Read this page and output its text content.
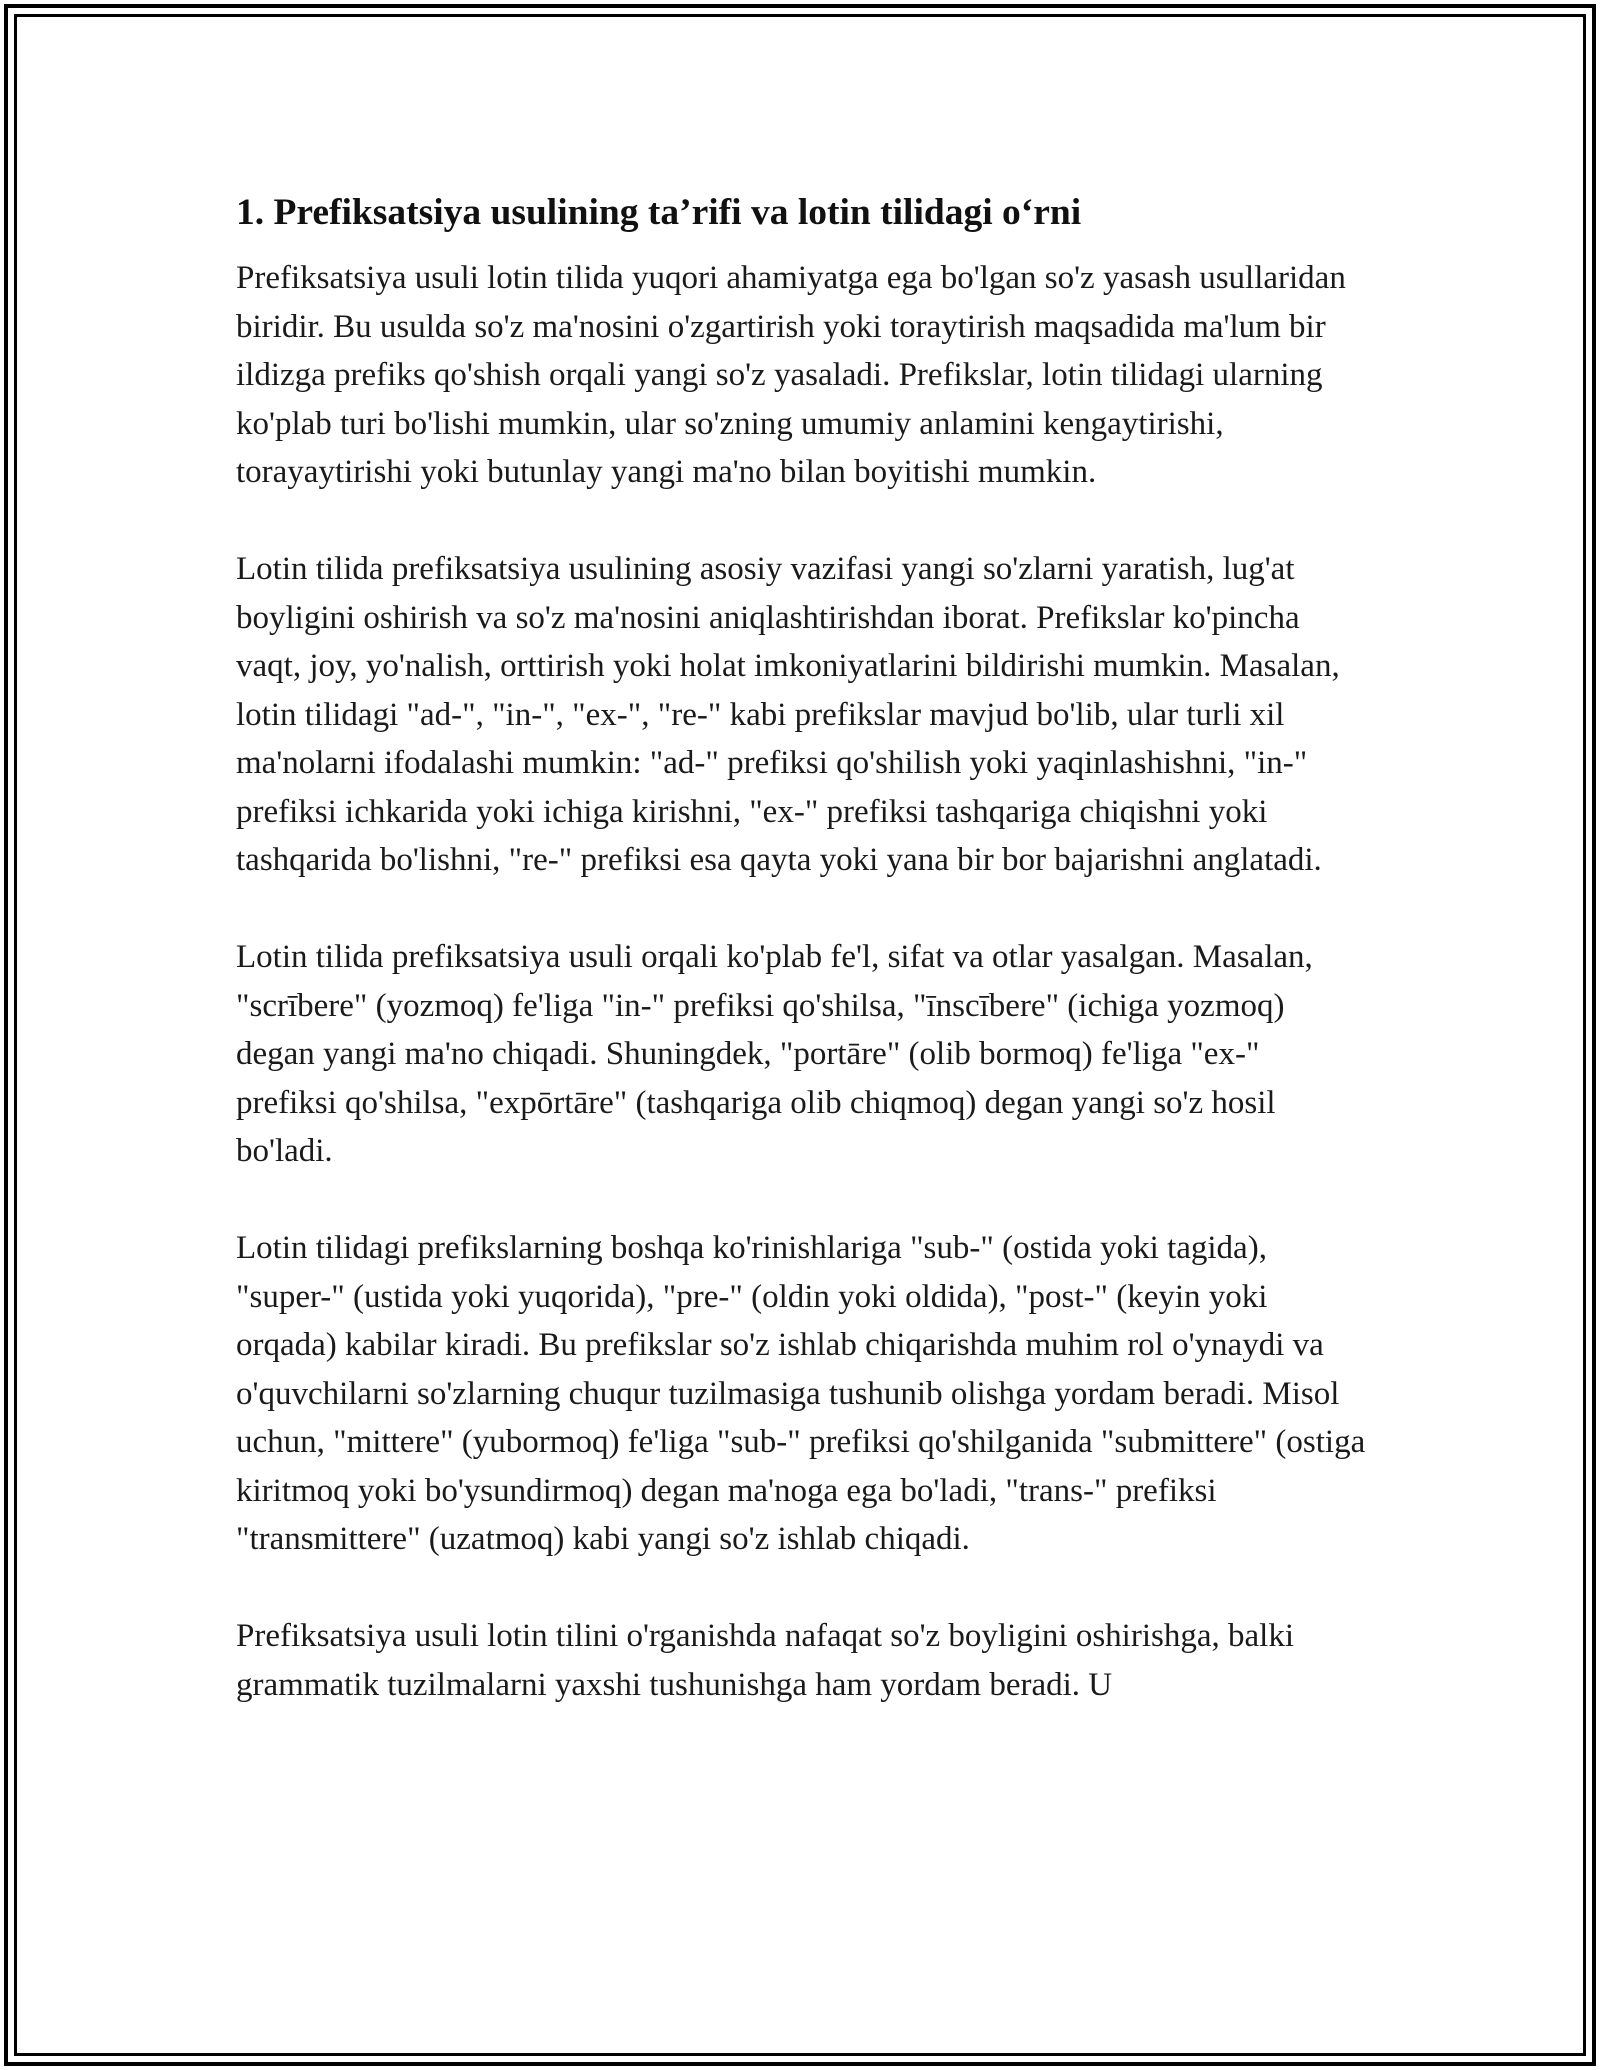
1. Prefiksatsiya usulining ta’rifi va lotin tilidagi o‘rni

Prefiksatsiya usuli lotin tilida yuqori ahamiyatga ega bo'lgan so'z yasash usullaridan biridir. Bu usulda so'z ma'nosini o'zgartirish yoki toraytirish maqsadida ma'lum bir ildizga prefiks qo'shish orqali yangi so'z yasaladi. Prefikslar, lotin tilidagi ularning ko'plab turi bo'lishi mumkin, ular so'zning umumiy anlamini kengaytirishi, torayaytirishi yoki butunlay yangi ma'no bilan boyitishi mumkin.

Lotin tilida prefiksatsiya usulining asosiy vazifasi yangi so'zlarni yaratish, lug'at boyligini oshirish va so'z ma'nosini aniqlashtirishdan iborat. Prefikslar ko'pincha vaqt, joy, yo'nalish, orttirish yoki holat imkoniyatlarini bildirishi mumkin. Masalan, lotin tilidagi "ad-", "in-", "ex-", "re-" kabi prefikslar mavjud bo'lib, ular turli xil ma'nolarni ifodalashi mumkin: "ad-" prefiksi qo'shilish yoki yaqinlashishni, "in-" prefiksi ichkarida yoki ichiga kirishni, "ex-" prefiksi tashqariga chiqishni yoki tashqarida bo'lishni, "re-" prefiksi esa qayta yoki yana bir bor bajarishni anglatadi.

Lotin tilida prefiksatsiya usuli orqali ko'plab fe'l, sifat va otlar yasalgan. Masalan, "scrībere" (yozmoq) fe'liga "in-" prefiksi qo'shilsa, "īnscībere" (ichiga yozmoq) degan yangi ma'no chiqadi. Shuningdek, "portāre" (olib bormoq) fe'liga "ex-" prefiksi qo'shilsa, "expōrtāre" (tashqariga olib chiqmoq) degan yangi so'z hosil bo'ladi.

Lotin tilidagi prefikslarning boshqa ko'rinishlariga "sub-" (ostida yoki tagida), "super-" (ustida yoki yuqorida), "pre-" (oldin yoki oldida), "post-" (keyin yoki orqada) kabilar kiradi. Bu prefikslar so'z ishlab chiqarishda muhim rol o'ynaydi va o'quvchilarni so'zlarning chuqur tuzilmasiga tushunib olishga yordam beradi. Misol uchun, "mittere" (yubormoq) fe'liga "sub-" prefiksi qo'shilganida "submittere" (ostiga kiritmoq yoki bo'ysundirmoq) degan ma'noga ega bo'ladi, "trans-" prefiksi "transmittere" (uzatmoq) kabi yangi so'z ishlab chiqadi.

Prefiksatsiya usuli lotin tilini o'rganishda nafaqat so'z boyligini oshirishga, balki grammatik tuzilmalarni yaxshi tushunishga ham yordam beradi. U
